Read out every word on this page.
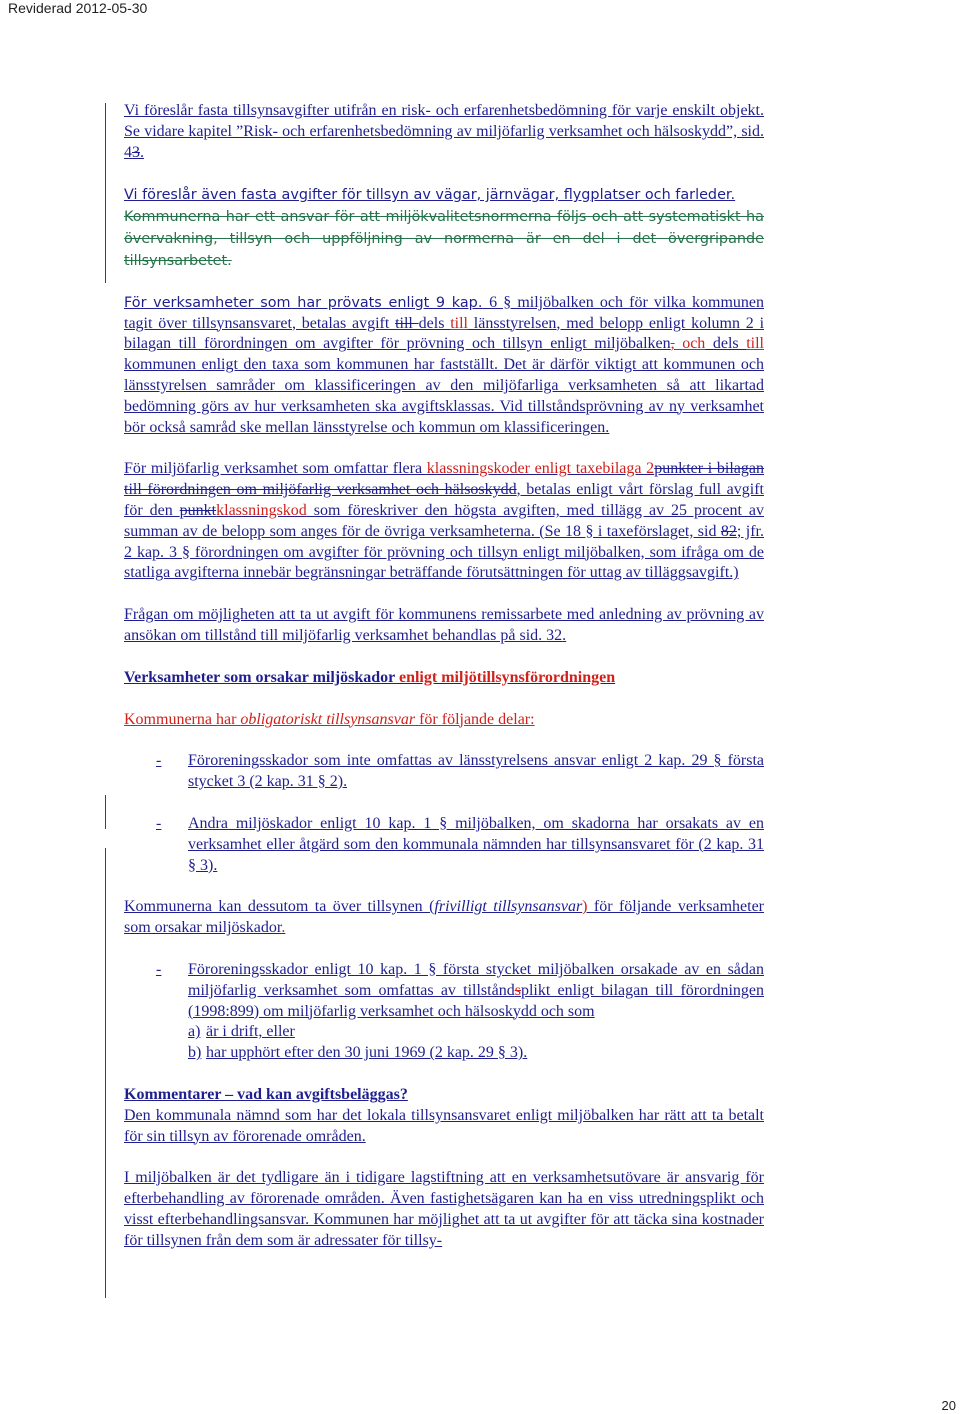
Reviderad 2012-05-30

Vi föreslår fasta tillsynsavgifter utifrån en risk- och erfarenhetsbedömning för varje enskilt objekt. Se vidare kapitel ”Risk- och erfarenhetsbedömning av miljöfarlig verksamhet och hälsoskydd”, sid. 43.

Vi föreslår även fasta avgifter för tillsyn av vägar, järnvägar, flygplatser och farleder.

Kommunerna har ett ansvar för att miljökvalitetsnormerna följs och att systematiskt ha övervakning, tillsyn och uppföljning av normerna är en del i det övergripande tillsynsarbetet.

För verksamheter som har prövats enligt 9 kap. 6 § miljöbalken och för vilka kommunen tagit över tillsynsansvaret, betalas avgift till dels till länsstyrelsen, med belopp enligt kolumn 2 i bilagan till förordningen om avgifter för prövning och tillsyn enligt miljöbalken, och dels till kommunen enligt den taxa som kommunen har fastställt. Det är därför viktigt att kommunen och länsstyrelsen samråder om klassificeringen av den miljöfarliga verksamheten så att likartad bedömning görs av hur verksamheten ska avgiftsklassas. Vid tillståndsprövning av ny verksamhet bör också samråd ske mellan länsstyrelse och kommun om klassificeringen.

För miljöfarlig verksamhet som omfattar flera klassningskoder enligt taxebilaga 2punkter i bilagan till förordningen om miljöfarlig verksamhet och hälsoskydd, betalas enligt vårt förslag full avgift för den punktklassningskod som föreskriver den högsta avgiften, med tillägg av 25 procent av summan av de belopp som anges för de övriga verksamheterna. (Se 18 § i taxeförslaget, sid 82; jfr. 2 kap. 3 § förordningen om avgifter för prövning och tillsyn enligt miljöbalken, som ifråga om de statliga avgifterna innebär begränsningar beträffande förutsättningen för uttag av tilläggsavgift.)

Frågan om möjligheten att ta ut avgift för kommunens remissarbete med anledning av prövning av ansökan om tillstånd till miljöfarlig verksamhet behandlas på sid. 32.

Verksamheter som orsakar miljöskador enligt miljötillsynsförordningen

Kommunerna har obligatoriskt tillsynsansvar för följande delar:

-	Föroreningsskador som inte omfattas av länsstyrelsens ansvar enligt 2 kap. 29 § första stycket 3 (2 kap. 31 § 2).
-	Andra miljöskador enligt 10 kap. 1 § miljöbalken, om skadorna har orsakats av en verksamhet eller åtgärd som den kommunala nämnden har tillsynsansvaret för (2 kap. 31 § 3).

Kommunerna kan dessutom ta över tillsynen (frivilligt tillsynsansvar) för följande verksamheter som orsakar miljöskador.

-	Föroreningsskador enligt 10 kap. 1 § första stycket miljöbalken orsakade av en sådan miljöfarlig verksamhet som omfattas av tillståndsplikt enligt bilagan till förordningen (1998:899) om miljöfarlig verksamhet och hälsoskydd och som
a) är i drift, eller
b) har upphört efter den 30 juni 1969 (2 kap. 29 § 3).

Kommentarer – vad kan avgiftsbeläggas?

Den kommunala nämnd som har det lokala tillsynsansvaret enligt miljöbalken har rätt att ta betalt för sin tillsyn av förorenade områden.

I miljöbalken är det tydligare än i tidigare lagstiftning att en verksamhetsutövare är ansvarig för efterbehandling av förorenade områden. Även fastighetsägaren kan ha en viss utredningsplikt och visst efterbehandlingsansvar. Kommunen har möjlighet att ta ut avgifter för att täcka sina kostnader för tillsynen från dem som är adressater för tillsy-

20
